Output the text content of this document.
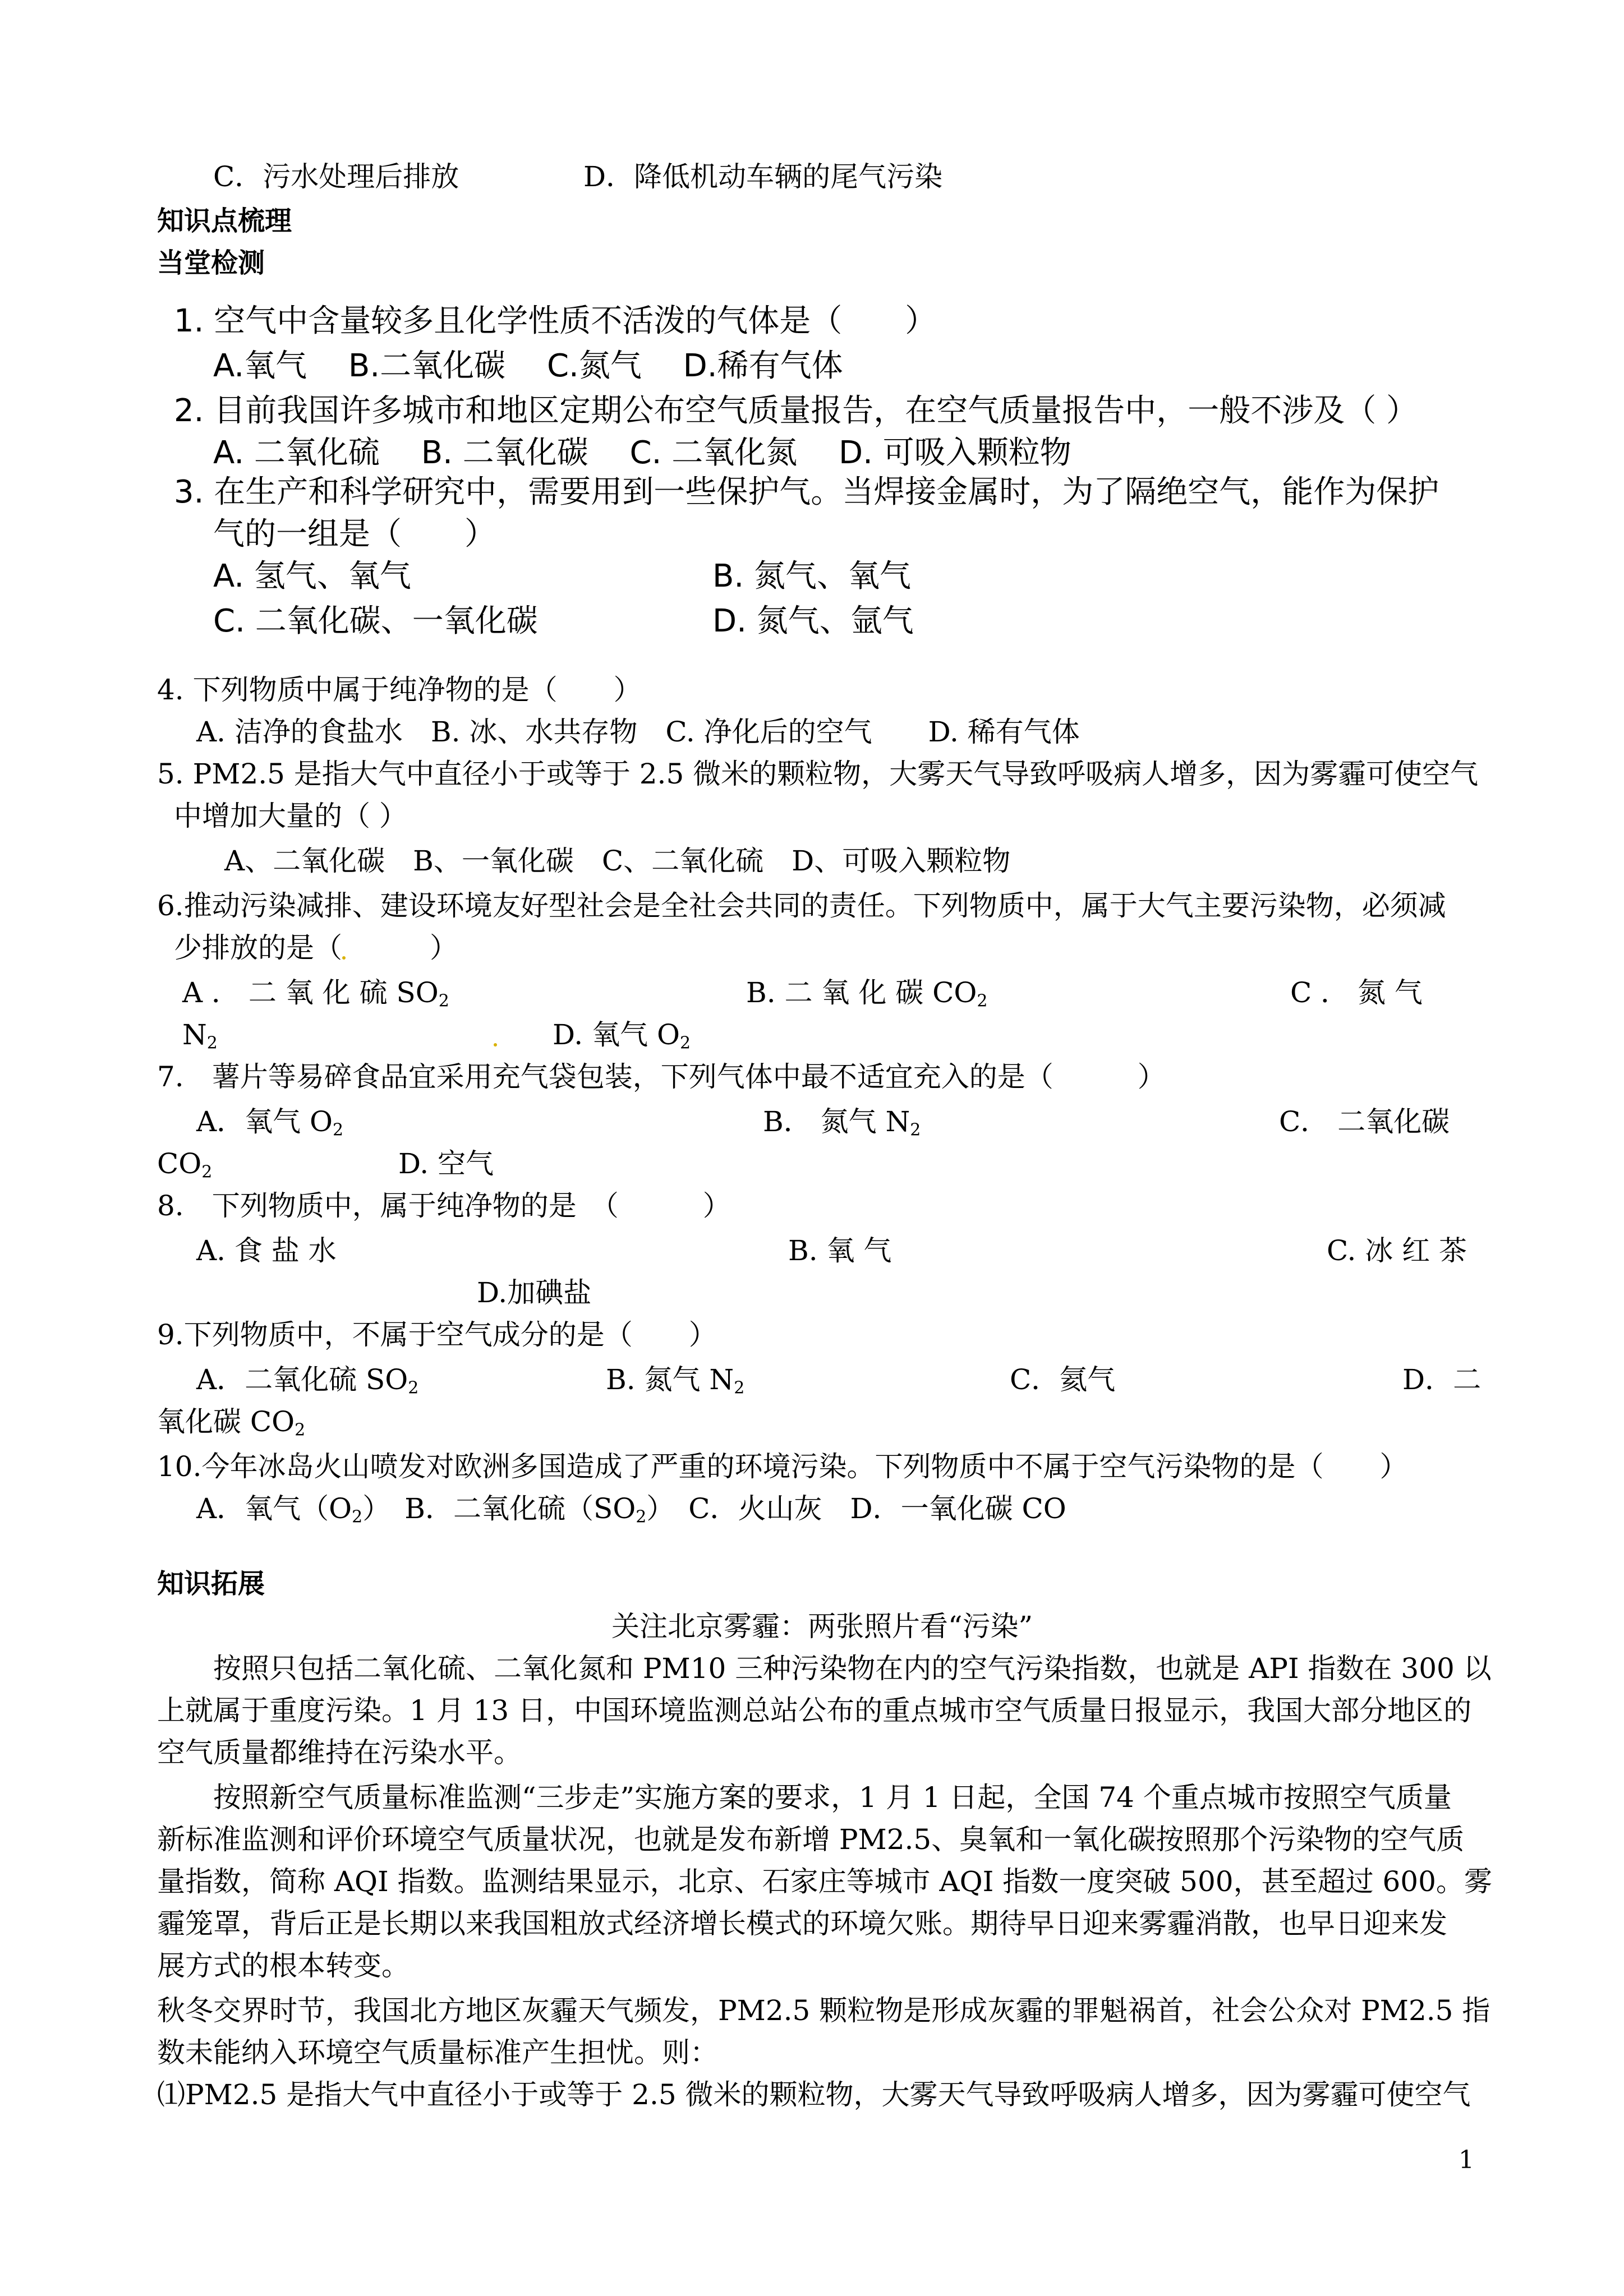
C．污水处理后排放	D．降低机动车辆的尾气污染
知识点梳理
当堂检测
1. 空气中含量较多且化学性质不活泼的气体是（　　）
A.氧气　 B.二氧化碳　 C.氮气　 D.稀有气体
2. 目前我国许多城市和地区定期公布空气质量报告，在空气质量报告中，一般不涉及（ ）
A. 二氧化硫　 B. 二氧化碳　 C. 二氧化氮　 D. 可吸入颗粒物
3. 在生产和科学研究中，需要用到一些保护气。当焊接金属时，为了隔绝空气，能作为保护
气的一组是（　　）
A. 氢气、氧气	B. 氮气、氧气
C. 二氧化碳、一氧化碳	D. 氮气、氩气
4. 下列物质中属于纯净物的是（　　）
A. 洁净的食盐水　B. 冰、水共存物　C. 净化后的空气　　D. 稀有气体
5. PM2.5 是指大气中直径小于或等于 2.5 微米的颗粒物，大雾天气导致呼吸病人增多，因为雾霾可使空气
中增加大量的（ ）
A、二氧化碳　B、一氧化碳　C、二氧化硫　D、可吸入颗粒物
6.推动污染减排、建设环境友好型社会是全社会共同的责任。下列物质中，属于大气主要污染物，必须减
少排放的是（　　　）
A ． 二 氧 化 硫 $SO_2$	B. 二 氧 化 碳 $CO_2$	C ． 氮 气
$N_2$	D. 氧气 $O_2$
7.　薯片等易碎食品宜采用充气袋包装，下列气体中最不适宜充入的是（　　　）
A．氧气 $O_2$	B． 氮气 $N_2$	C． 二氧化碳
$CO_2$	D. 空气
8.　下列物质中，属于纯净物的是　（　　　）
A. 食 盐 水	B. 氧 气	C. 冰 红 茶
D.加碘盐
9.下列物质中，不属于空气成分的是（　　）
A．二氧化硫 $SO_2$	B. 氮气 $N_2$	C．氦气	D．二
氧化碳 $CO_2$
10.今年冰岛火山喷发对欧洲多国造成了严重的环境污染。下列物质中不属于空气污染物的是（　　）
A．氧气$(O_2)$　B．二氧化硫$(SO_2)$　C．火山灰　D．一氧化碳 CO
知识拓展
关注北京雾霾：两张照片看“污染”
按照只包括二氧化硫、二氧化氮和 PM10 三种污染物在内的空气污染指数，也就是 API 指数在 300 以
上就属于重度污染。1 月 13 日，中国环境监测总站公布的重点城市空气质量日报显示，我国大部分地区的
空气质量都维持在污染水平。
按照新空气质量标准监测“三步走”实施方案的要求，1 月 1 日起，全国 74 个重点城市按照空气质量
新标准监测和评价环境空气质量状况，也就是发布新增 PM2.5、臭氧和一氧化碳按照那个污染物的空气质
量指数，简称 AQI 指数。监测结果显示，北京、石家庄等城市 AQI 指数一度突破 500，甚至超过 600。雾
霾笼罩，背后正是长期以来我国粗放式经济增长模式的环境欠账。期待早日迎来雾霾消散，也早日迎来发
展方式的根本转变。
秋冬交界时节，我国北方地区灰霾天气频发，PM2.5 颗粒物是形成灰霾的罪魁祸首，社会公众对 PM2.5 指
数未能纳入环境空气质量标准产生担忧。则：
⑴PM2.5 是指大气中直径小于或等于 2.5 微米的颗粒物，大雾天气导致呼吸病人增多，因为雾霾可使空气
1
